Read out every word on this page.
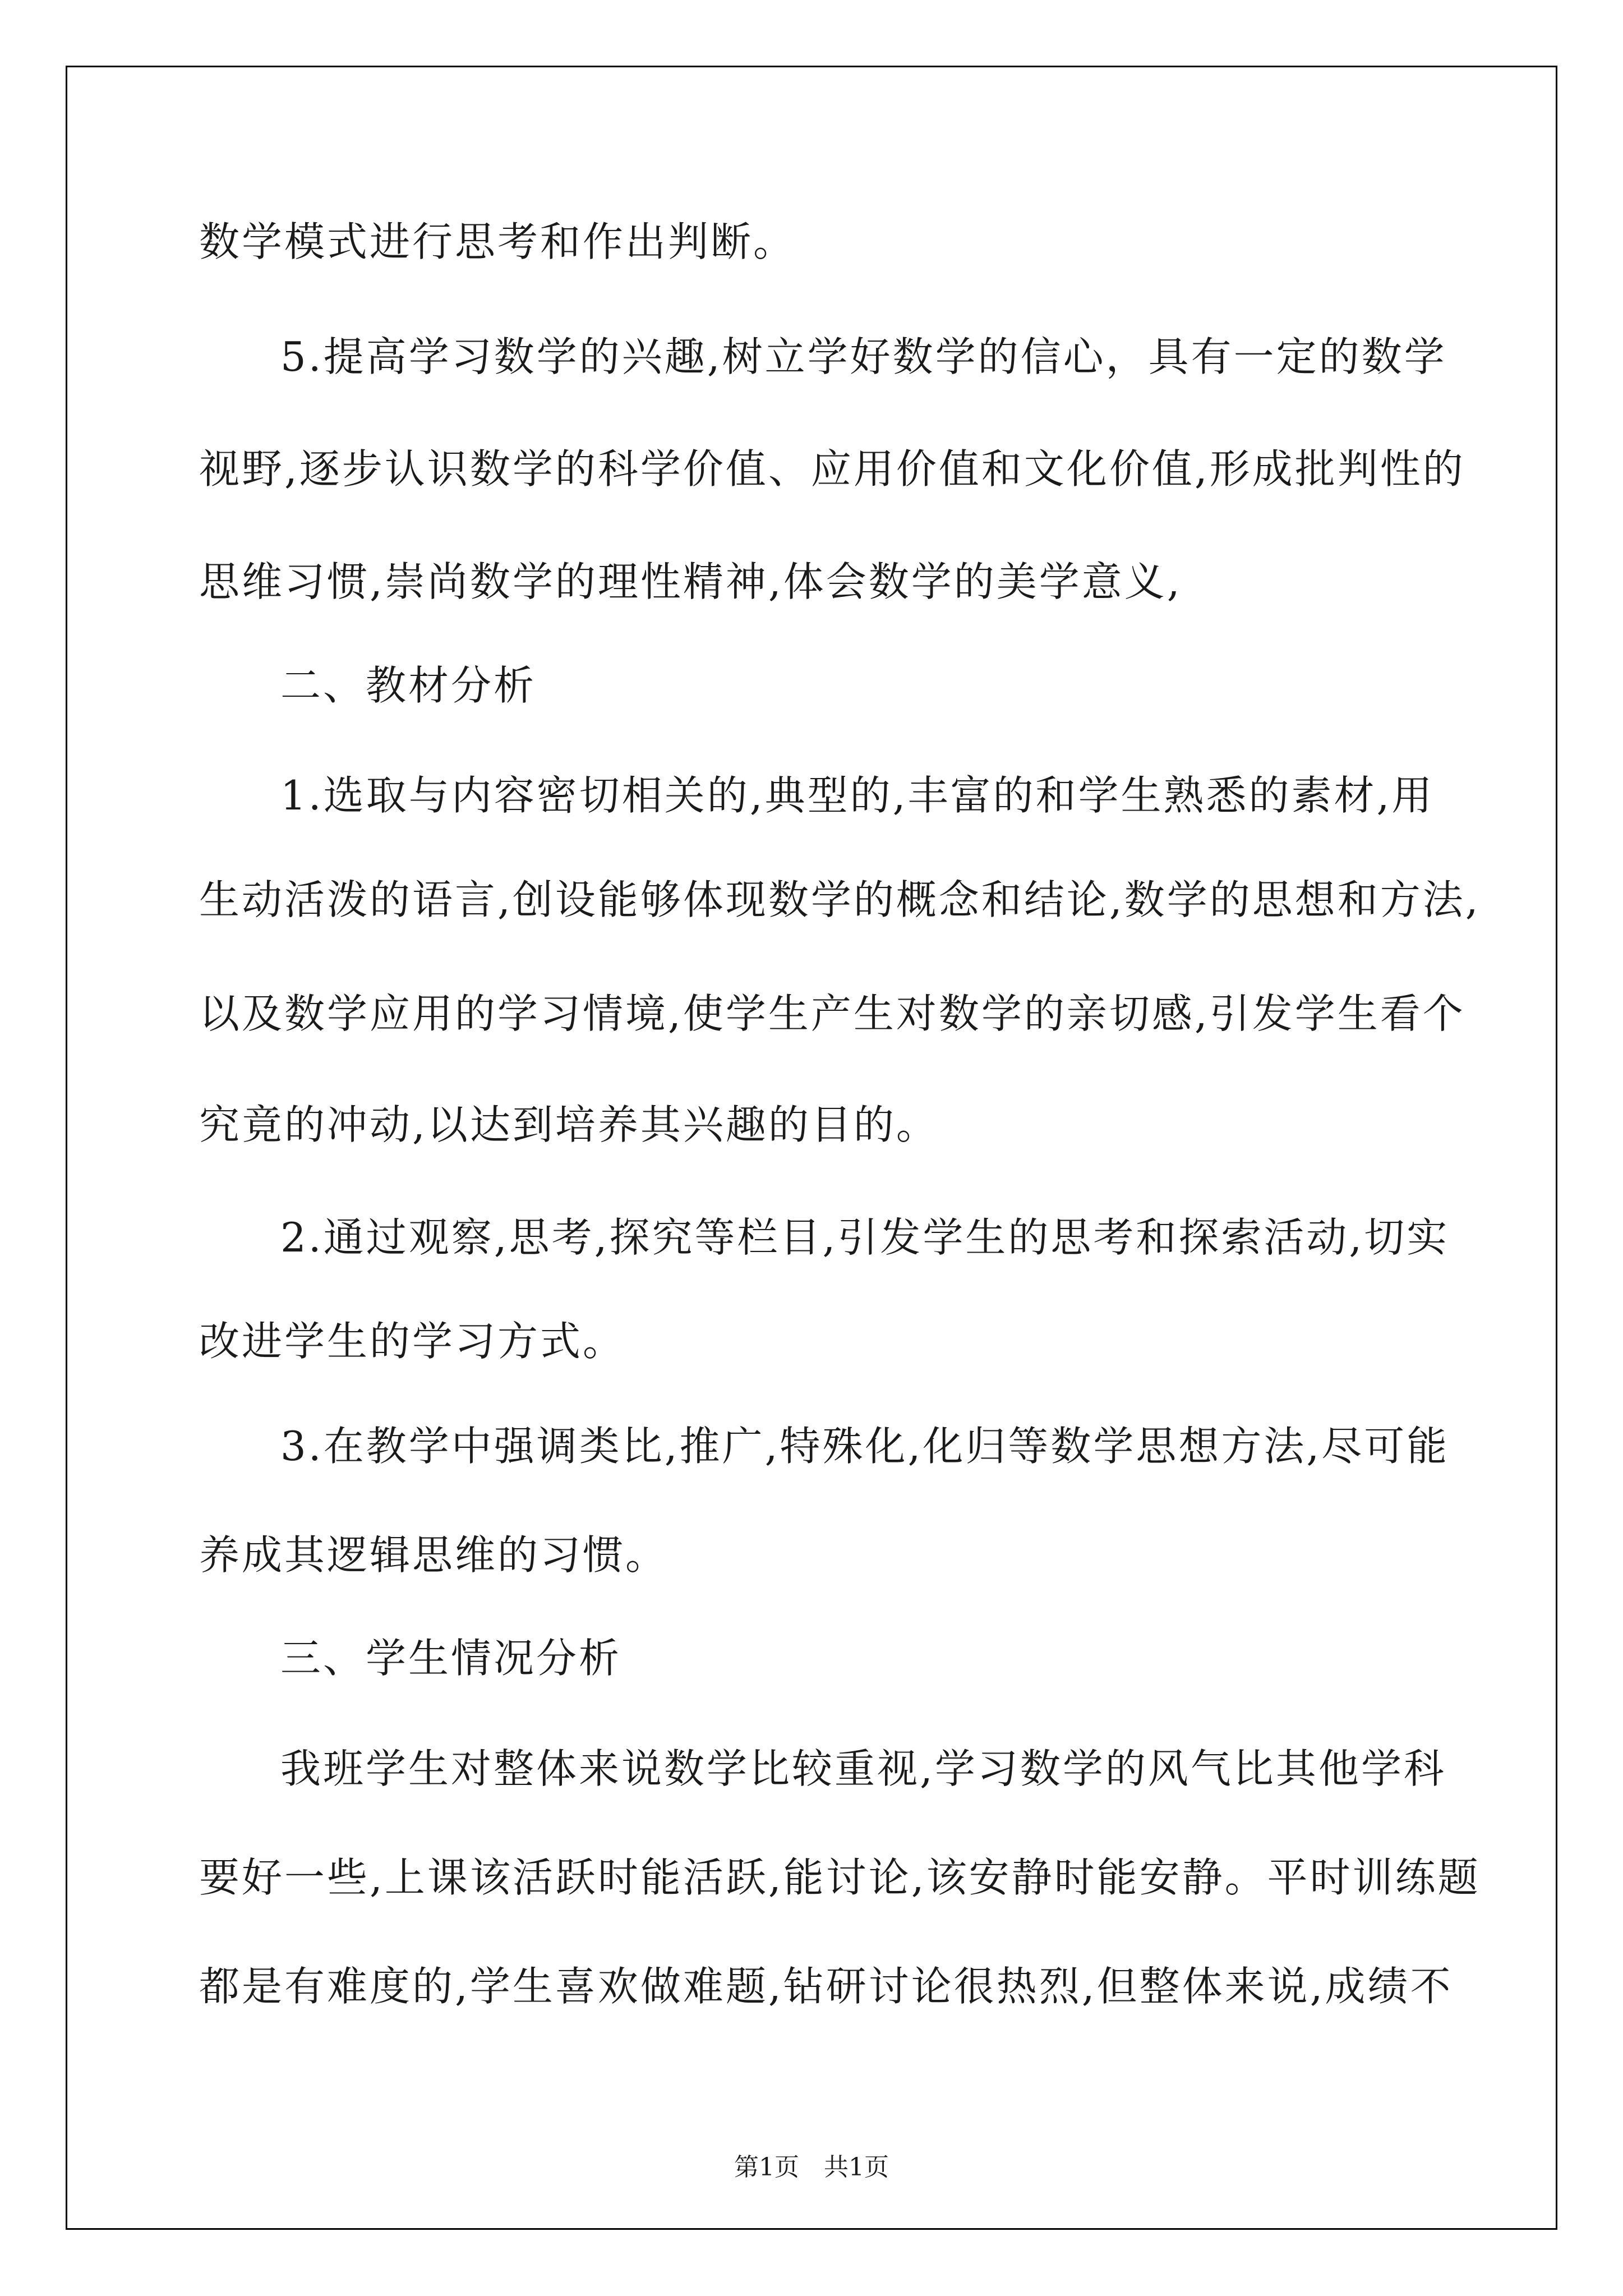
数学模式进行思考和作出判断。
5.提高学习数学的兴趣,树立学好数学的信心，具有一定的数学
视野,逐步认识数学的科学价值、应用价值和文化价值,形成批判性的
思维习惯,崇尚数学的理性精神,体会数学的美学意义,
二、教材分析
1.选取与内容密切相关的,典型的,丰富的和学生熟悉的素材,用
生动活泼的语言,创设能够体现数学的概念和结论,数学的思想和方法,
以及数学应用的学习情境,使学生产生对数学的亲切感,引发学生看个
究竟的冲动,以达到培养其兴趣的目的。
2.通过观察,思考,探究等栏目,引发学生的思考和探索活动,切实
改进学生的学习方式。
3.在教学中强调类比,推广,特殊化,化归等数学思想方法,尽可能
养成其逻辑思维的习惯。
三、学生情况分析
我班学生对整体来说数学比较重视,学习数学的风气比其他学科
要好一些,上课该活跃时能活跃,能讨论,该安静时能安静。平时训练题
都是有难度的,学生喜欢做难题,钻研讨论很热烈,但整体来说,成绩不
第1页　共1页
